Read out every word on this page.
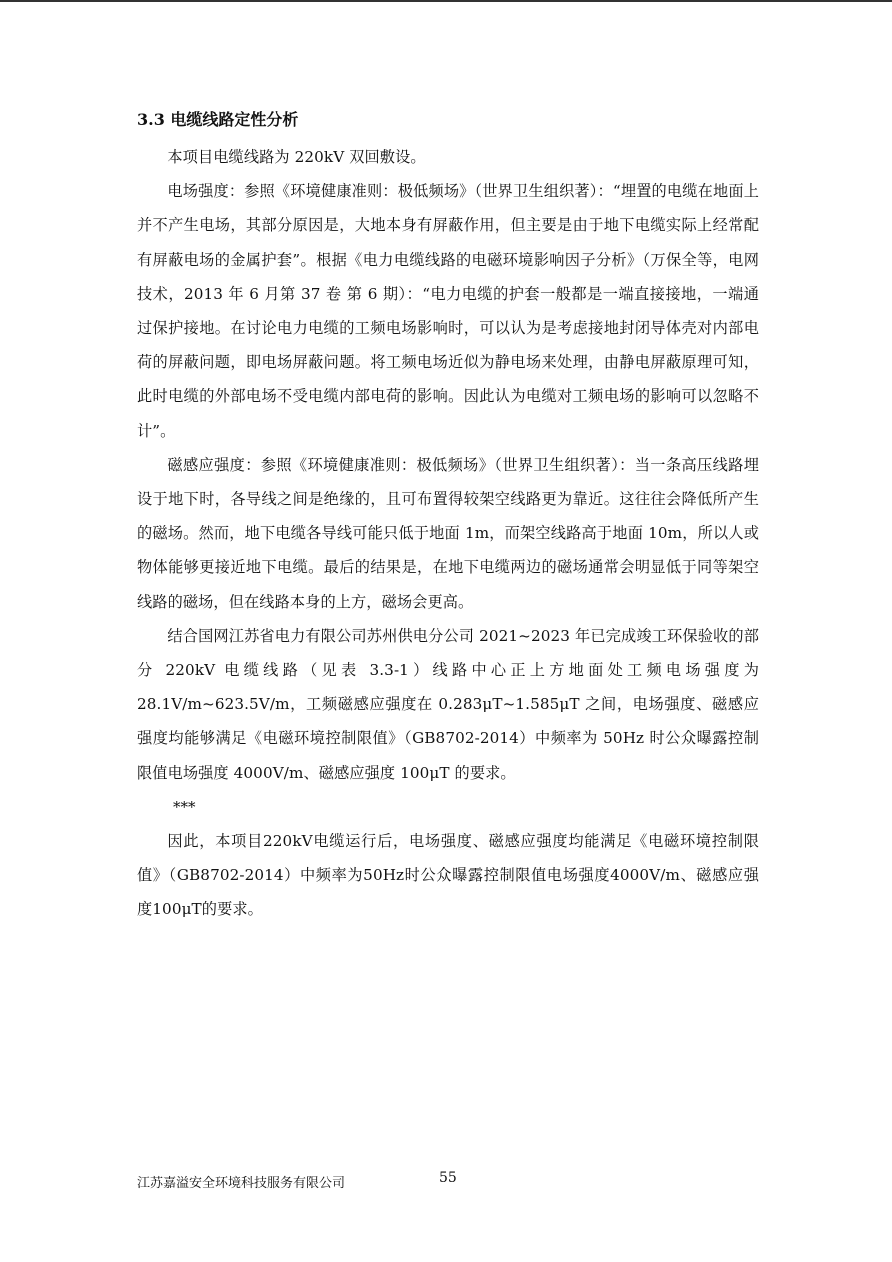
3.3 电缆线路定性分析

本项目电缆线路为 220kV 双回敷设。

电场强度：参照《环境健康准则：极低频场》（世界卫生组织著）：“埋置的电缆在地面上并不产生电场，其部分原因是，大地本身有屏蔽作用，但主要是由于地下电缆实际上经常配有屏蔽电场的金属护套”。根据《电力电缆线路的电磁环境影响因子分析》（万保全等，电网技术，2013 年 6 月第 37 卷 第 6 期）：“电力电缆的护套一般都是一端直接接地，一端通过保护接地。在讨论电力电缆的工频电场影响时，可以认为是考虑接地封闭导体壳对内部电荷的屏蔽问题，即电场屏蔽问题。将工频电场近似为静电场来处理，由静电屏蔽原理可知，此时电缆的外部电场不受电缆内部电荷的影响。因此认为电缆对工频电场的影响可以忽略不计”。

磁感应强度：参照《环境健康准则：极低频场》（世界卫生组织著）：当一条高压线路埋设于地下时，各导线之间是绝缘的，且可布置得较架空线路更为靠近。这往往会降低所产生的磁场。然而，地下电缆各导线可能只低于地面 1m，而架空线路高于地面 10m，所以人或物体能够更接近地下电缆。最后的结果是，在地下电缆两边的磁场通常会明显低于同等架空线路的磁场，但在线路本身的上方，磁场会更高。

结合国网江苏省电力有限公司苏州供电分公司 2021~2023 年已完成竣工环保验收的部分 220kV 电缆线路（见表 3.3-1）线路中心正上方地面处工频电场强度为 28.1V/m~623.5V/m，工频磁感应强度在 0.283μT~1.585μT 之间，电场强度、磁感应强度均能够满足《电磁环境控制限值》（GB8702-2014）中频率为 50Hz 时公众曝露控制限值电场强度 4000V/m、磁感应强度 100μT 的要求。

***

因此，本项目220kV电缆运行后，电场强度、磁感应强度均能满足《电磁环境控制限值》（GB8702-2014）中频率为50Hz时公众曝露控制限值电场强度4000V/m、磁感应强度100μT的要求。

江苏嘉溢安全环境科技服务有限公司	55
